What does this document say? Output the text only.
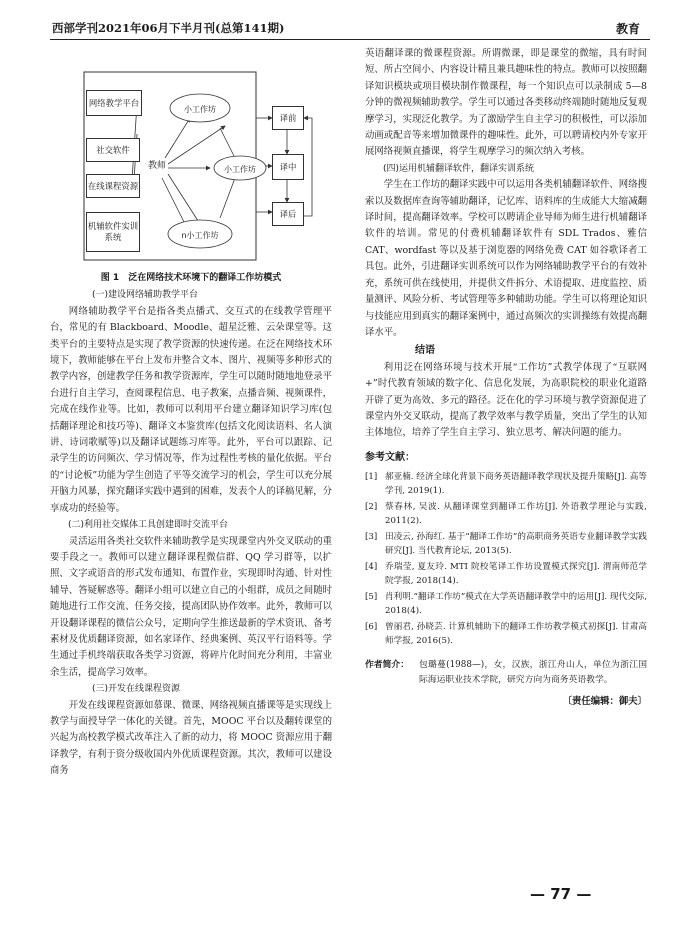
西部学刊2021年06月下半月刊(总第141期)	教育
网络教学平台
社交软件
在线课程资源
机辅软件实训系统
教师
小工作坊
小工作坊
n小工作坊
译前
译中
译后
图 1　泛在网络技术环境下的翻译工作坊模式

(一)建设网络辅助教学平台

网络辅助教学平台是指各类点播式、交互式的在线教学管理平台，常见的有 Blackboard、Moodle、超星泛雅、云朵课堂等。这类平台的主要特点是实现了教学资源的快速传递。在泛在网络技术环境下，教师能够在平台上发布并整合文本、图片、视频等多种形式的教学内容，创建教学任务和教学资源库，学生可以随时随地地登录平台进行自主学习，查阅课程信息、电子教案，点播音频、视频课件，完成在线作业等。比如，教师可以利用平台建立翻译知识学习库(包括翻译理论和技巧等)、翻译文本鉴赏库(包括文化阅读语料、名人演讲、诗词歌赋等)以及翻译试题练习库等。此外，平台可以跟踪、记录学生的访问频次、学习情况等，作为过程性考核的量化依据。平台的“讨论板”功能为学生创造了平等交流学习的机会，学生可以充分展开脑力风暴，探究翻译实践中遇到的困难，发表个人的译稿见解，分享成功的经验等。

(二)利用社交媒体工具创建即时交流平台

灵活运用各类社交软件来辅助教学是实现课堂内外交叉联动的重要手段之一。教师可以建立翻译课程微信群、QQ 学习群等，以扩照、文字或语音的形式发布通知、布置作业，实现即时沟通、针对性辅导、答疑解惑等。翻译小组可以建立自己的小组群，成员之间随时随地进行工作交流、任务交接，提高团队协作效率。此外，教师可以开设翻译课程的微信公众号，定期向学生推送最新的学术资讯、备考素材及优质翻译资源，如名家译作、经典案例、英汉平行语料等。学生通过手机终端获取各类学习资源，将碎片化时间充分利用，丰富业余生活，提高学习效率。

(三)开发在线课程资源

开发在线课程资源如慕课、微课、网络视频直播课等是实现线上教学与面授导学一体化的关键。首先，MOOC 平台以及翻转课堂的兴起为高校教学模式改革注入了新的动力，将 MOOC 资源应用于翻译教学，有利于资分级收国内外优质课程资源。其次，教师可以建设商务

英语翻译课的微课程资源。所谓微课，即是课堂的微缩，具有时间短、所占空间小、内容设计精且兼具趣味性的特点。教师可以按照翻译知识模块或项目模块制作微课程，每一个知识点可以录制成 5—8 分钟的微视频辅助教学。学生可以通过各类移动终端随时随地反复观摩学习，实现泛化教学。为了激励学生自主学习的积极性，可以添加动画或配音等来增加微课件的趣味性。此外，可以聘请校内外专家开展网络视频直播课，将学生观摩学习的频次纳入考核。

(四)运用机辅翻译软件，翻译实训系统

学生在工作坊的翻译实践中可以运用各类机辅翻译软件、网络搜索以及数据库查询等辅助翻译，记忆库、语料库的生成能大大缩减翻译时间，提高翻译效率。学校可以聘请企业导师为师生进行机辅翻译软件的培训。常见的付费机辅翻译软件有 SDL Trados、雅信 CAT、wordfast 等以及基于浏览器的网络免费 CAT 如谷歌译者工具包。此外，引进翻译实训系统可以作为网络辅助教学平台的有效补充，系统可供在线使用，并提供文件拆分、术语提取、进度监控、质量测评、风险分析、考试管理等多种辅助功能。学生可以将理论知识与技能应用到真实的翻译案例中，通过高频次的实训操练有效提高翻译水平。

结语

利用泛在网络环境与技术开展“工作坊”式教学体现了“互联网+”时代教育领域的数字化、信息化发展，为高职院校的职业化道路开辟了更为高效、多元的路径。泛在化的学习环境与教学资源促进了课堂内外交叉联动，提高了教学效率与教学质量，突出了学生的认知主体地位，培养了学生自主学习、独立思考、解决问题的能力。

参考文献：
[1] 郝亚楠. 经济全球化背景下商务英语翻译教学现状及提升策略[J]. 高等学刊, 2019(1).
[2] 蔡春林, 吴波. 从翻译课堂到翻译工作坊[J]. 外语教学理论与实践, 2011(2).
[3] 田凌云, 孙海红. 基于“翻译工作坊”的高职商务英语专业翻译教学实践研究[J]. 当代教育论坛, 2013(5).
[4] 乔瑞莹, 夏友玲. MTI 院校笔译工作坊设置模式探究[J]. 渭南师范学院学报, 2018(14).
[5] 肖利明.“翻译工作坊”模式在大学英语翻译教学中的运用[J]. 现代交际, 2018(4).
[6] 曾丽君, 孙晓芸. 计算机辅助下的翻译工作坊教学模式初探[J]. 甘肃高师学报, 2016(5).
作者简介：	包璐蔓(1988—)，女，汉族，浙江舟山人，单位为浙江国际海运职业技术学院，研究方向为商务英语教学。
〔责任编辑：御夫〕
— 77 —
